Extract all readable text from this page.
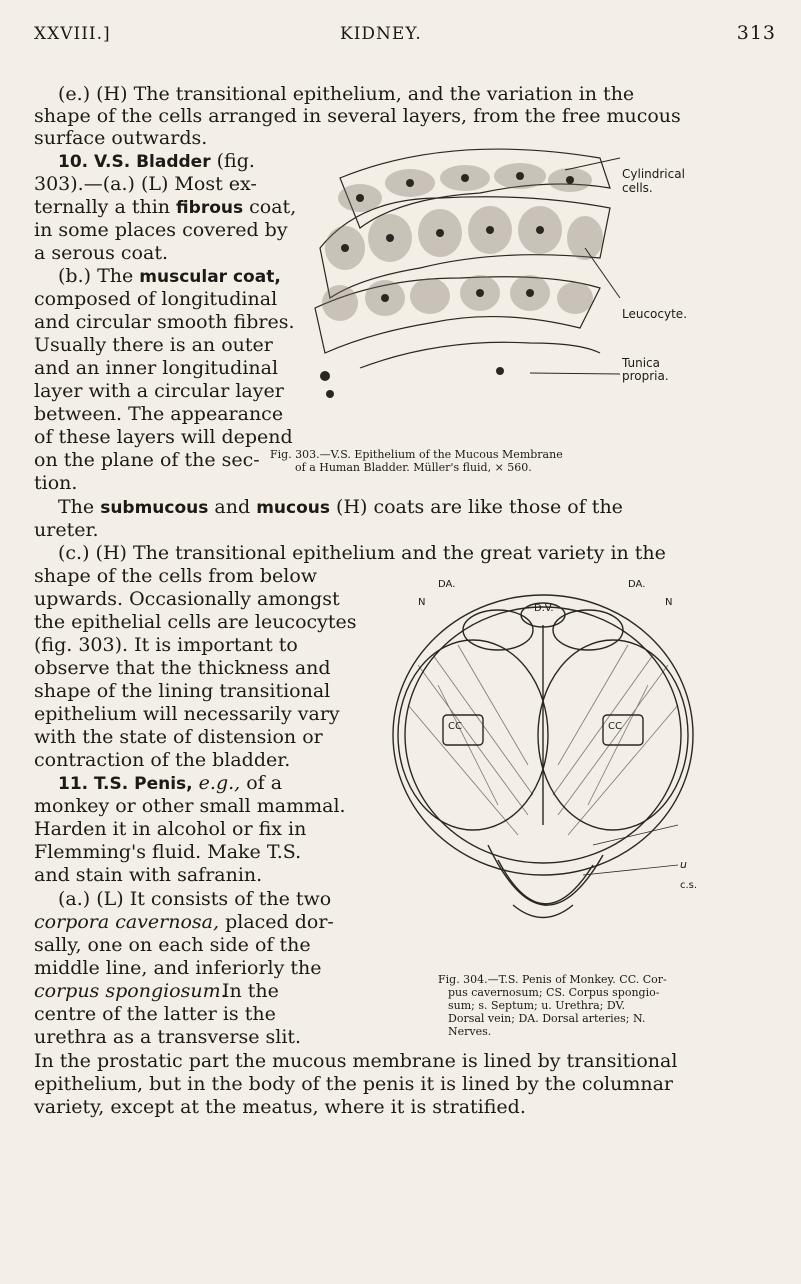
XXVIII.]	KIDNEY.	313
(e.) (H) The transitional epithelium, and the variation in the
shape of the cells arranged in several layers, from the free mucous
surface outwards.
10. V.S. Bladder (fig.
303).—(a.) (L) Most ex-
ternally a thin fibrous coat,
in some places covered by
a serous coat.
(b.) The muscular coat,
composed of longitudinal
and circular smooth fibres.
Usually there is an outer
and an inner longitudinal
layer with a circular layer
between. The appearance
of these layers will depend
on the plane of the sec-
tion.
Cylindrical
cells.
Leucocyte.
Tunica
propria.
Fig. 303.—V.S. Epithelium of the Mucous Membrane
of a Human Bladder. Müller's fluid, × 560.
The submucous and mucous (H) coats are like those of the
ureter.
(c.) (H) The transitional epithelium and the great variety in the
shape of the cells from below
upwards. Occasionally amongst
the epithelial cells are leucocytes
(fig. 303). It is important to
observe that the thickness and
shape of the lining transitional
epithelium will necessarily vary
with the state of distension or
contraction of the bladder.
11. T.S. Penis, e.g., of a
monkey or other small mammal.
Harden it in alcohol or fix in
Flemming's fluid. Make T.S.
and stain with safranin.
(a.) (L) It consists of the two
corpora cavernosa, placed dor-
sally, one on each side of the
middle line, and inferiorly the
corpus spongiosum.
In the
centre of the latter is the
urethra as a transverse slit.
DA.	DA.
D.V.
N	N
CC	CC
u
c.s.
Fig. 304.—T.S. Penis of Monkey. CC. Cor-
pus cavernosum; CS. Corpus spongio-
sum; s. Septum; u. Urethra; DV.
Dorsal vein; DA. Dorsal arteries; N.
Nerves.
In the prostatic part the mucous membrane is lined by transitional
epithelium, but in the body of the penis it is lined by the columnar
variety, except at the meatus, where it is stratified.
